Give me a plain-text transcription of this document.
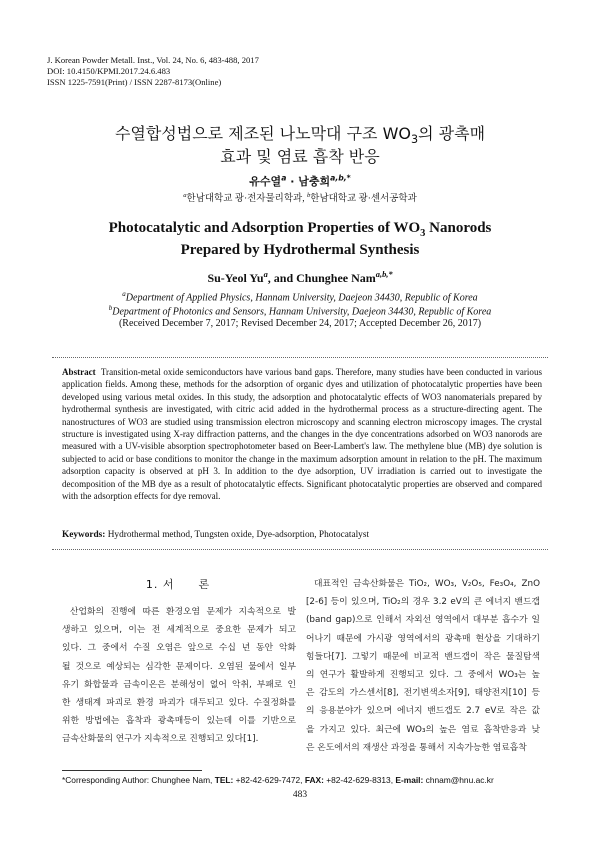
J. Korean Powder Metall. Inst., Vol. 24, No. 6, 483-488, 2017
DOI: 10.4150/KPMI.2017.24.6.483
ISSN 1225-7591(Print) / ISSN 2287-8173(Online)
수열합성법으로 제조된 나노막대 구조 $WO_3$의 광촉매
효과 및 염료 흡착 반응
유수열$^a$ · 남충희$^{a,b,*}$
$^a$한남대학교 광·전자물리학과, $^b$한남대학교 광·센서공학과
Photocatalytic and Adsorption Properties of $WO_3$ Nanorods
Prepared by Hydrothermal Synthesis
Su-Yeol Yu$^a$, and Chunghee Nam$^{a,b,*}$
$^a$Department of Applied Physics, Hannam University, Daejeon 34430, Republic of Korea
$^b$Department of Photonics and Sensors, Hannam University, Daejeon 34430, Republic of Korea
(Received December 7, 2017; Revised December 24, 2017; Accepted December 26, 2017)
Abstract Transition-metal oxide semiconductors have various band gaps. Therefore, many studies have been conducted in various application fields. Among these, methods for the adsorption of organic dyes and utilization of photocatalytic properties have been developed using various metal oxides. In this study, the adsorption and photocatalytic effects of WO3 nanomaterials prepared by hydrothermal synthesis are investigated, with citric acid added in the hydrothermal process as a structure-directing agent. The nanostructures of WO3 are studied using transmission electron microscopy and scanning electron microscopy images. The crystal structure is investigated using X-ray diffraction patterns, and the changes in the dye concentrations adsorbed on WO3 nanorods are measured with a UV-visible absorption spectrophotometer based on Beer-Lambert's law. The methylene blue (MB) dye solution is subjected to acid or base conditions to monitor the change in the maximum adsorption amount in relation to the pH. The maximum adsorption capacity is observed at pH 3. In addition to the dye adsorption, UV irradiation is carried out to investigate the decomposition of the MB dye as a result of photocatalytic effects. Significant photocatalytic properties are observed and compared with the adsorption effects for dye removal.
Keywords: Hydrothermal method, Tungsten oxide, Dye-adsorption, Photocatalyst
1. 서　　론
산업화의 진행에 따른 환경오염 문제가 지속적으로 발
생하고 있으며, 이는 전 세계적으로 중요한 문제가 되고
있다. 그 중에서 수질 오염은 앞으로 수십 년 동안 악화
될 것으로 예상되는 심각한 문제이다. 오염된 물에서 일부
유기 화합물과 금속이온은 분해성이 없어 악취, 부패로 인
한 생태계 파괴로 환경 파괴가 대두되고 있다. 수질정화를
위한 방법에는 흡착과 광촉매등이 있는데 이를 기반으로
금속산화물의 연구가 지속적으로 진행되고 있다[1].
대표적인 금속산화물은 TiO₂, WO₃, V₂O₅, Fe₃O₄, ZnO
[2-6] 등이 있으며, TiO₂의 경우 3.2 eV의 큰 에너지 밴드갭
(band gap)으로 인해서 자외선 영역에서 대부분 흡수가 일
어나기 때문에 가시광 영역에서의 광촉매 현상을 기대하기
힘들다[7]. 그렇기 때문에 비교적 밴드갭이 작은 물질탐색
의 연구가 활발하게 진행되고 있다. 그 중에서 WO₃는 높
은 감도의 가스센서[8], 전기변색소자[9], 태양전지[10] 등
의 응용분야가 있으며 에너지 밴드갭도 2.7 eV로 작은 값
을 가지고 있다. 최근에 WO₃의 높은 염료 흡착반응과 낮
은 온도에서의 재생산 과정을 통해서 지속가능한 염료흡착
*Corresponding Author: Chunghee Nam, TEL: +82-42-629-7472, FAX: +82-42-629-8313, E-mail: chnam@hnu.ac.kr
483
